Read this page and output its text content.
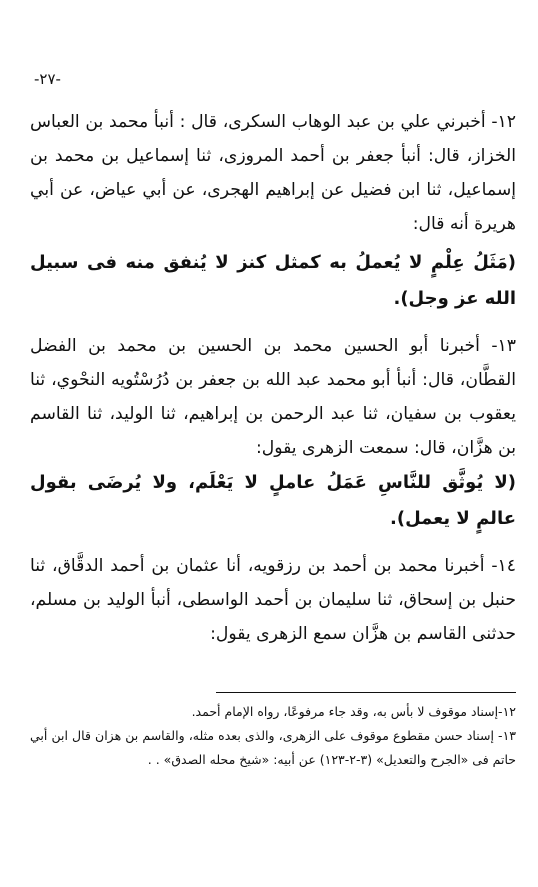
-٢٧-

١٢- أخبرني علي بن عبد الوهاب السكرى، قال : أنبأ محمد بن العباس الخزاز، قال: أنبأ جعفر بن أحمد المروزى، ثنا إسماعيل بن محمد بن إسماعيل، ثنا ابن فضيل عن إبراهيم الهجرى، عن أبي عياض، عن أبي هريرة أنه قال:

(مَثَلُ عِلْمٍ لا يُعملُ به كمثل كنز لا يُنفق منه فى سبيل الله عز وجل).

١٣- أخبرنا أبو الحسين محمد بن الحسين بن محمد بن الفضل القطَّان، قال: أنبأ أبو محمد عبد الله بن جعفر بن دُرُسْتُويه النحْوي، ثنا يعقوب بن سفيان، ثنا عبد الرحمن بن إبراهيم، ثنا الوليد، ثنا القاسم بن هزَّان، قال: سمعت الزهرى يقول:

(لا يُوثَّق للنَّاسِ عَمَلُ عاملٍ لا يَعْلَم، ولا يُرضَى بقول عالمٍ لا يعمل).

١٤- أخبرنا محمد بن أحمد بن رزقويه، أنا عثمان بن أحمد الدقَّاق، ثنا حنبل بن إسحاق، ثنا سليمان بن أحمد الواسطى، أنبأ الوليد بن مسلم، حدثنى القاسم بن هزَّان سمع الزهرى يقول:

١٢-إسناد موقوف لا بأس به، وقد جاء مرفوعًا، رواه الإمام أحمد.

١٣- إسناد حسن مقطوع موقوف على الزهرى، والذى بعده مثله، والقاسم بن هزان قال ابن أبي حاتم فى «الجرح والتعديل» (٣-٢-١٢٣) عن أبيه: «شيخ محله الصدق» . .
